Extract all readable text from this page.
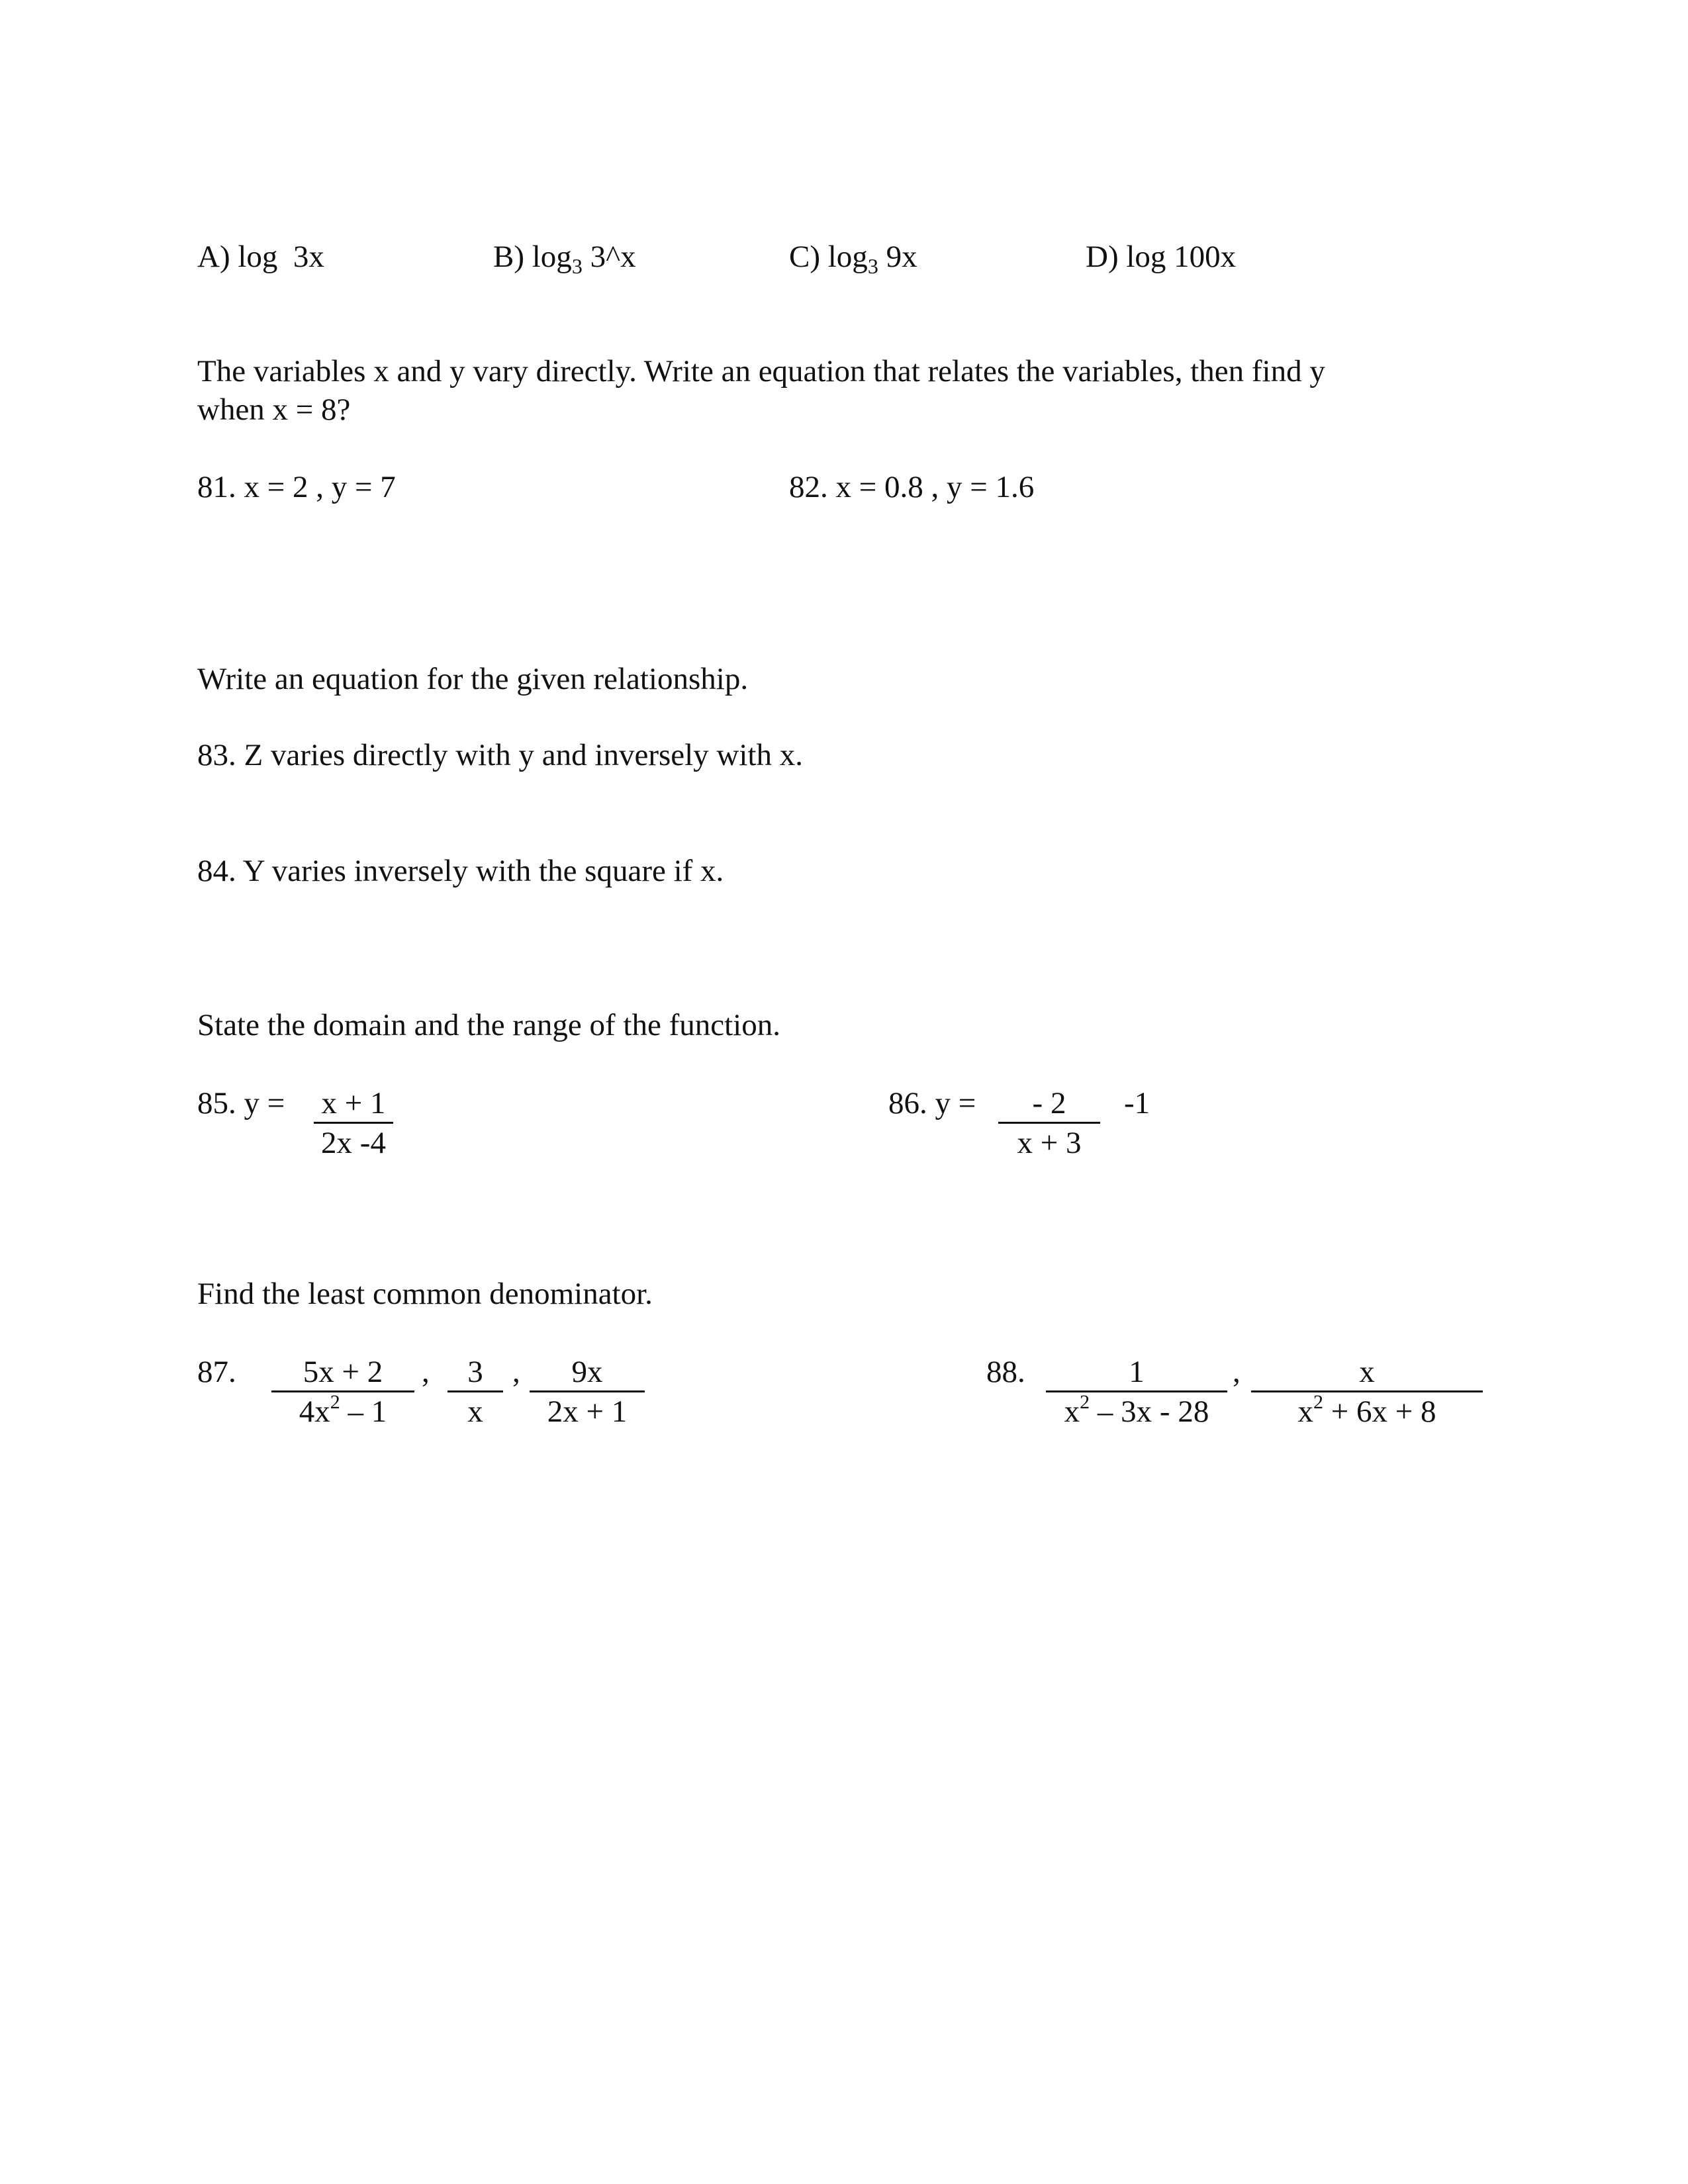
A) log 3x	B) $\log_3$ 3^x	C) $\log_3 9x$	D) log 100x
The variables x and y vary directly. Write an equation that relates the variables, then find y
when x = 8?
81. x = 2 , y = 7	82. x = 0.8 , y = 1.6
Write an equation for the given relationship.
83. Z varies directly with y and inversely with x.
84. Y varies inversely with the square if x.
State the domain and the range of the function.
85. $y = \frac{x + 1}{2x -4}$	86. $y = \frac{- 2}{x + 3} -1$
Find the least common denominator.
87. $\frac{5x + 2}{4x^2 - 1}$ , $\frac{3}{x}$ , $\frac{9x}{2x + 1}$	88. $\frac{1}{x^2 - 3x - 28}$ , $\frac{x}{x^2 + 6x + 8}$
